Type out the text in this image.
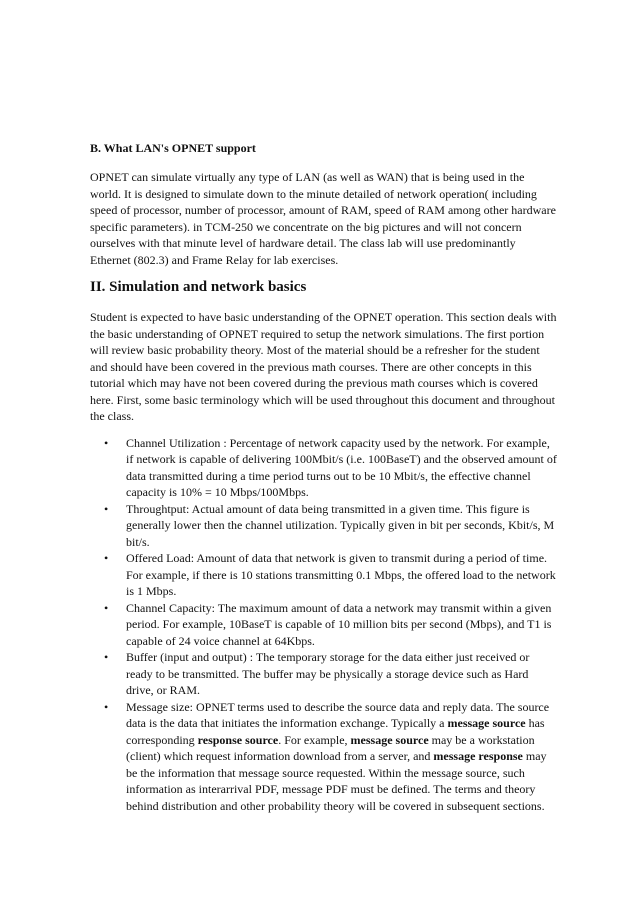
B. What LAN's OPNET support

OPNET can simulate virtually any type of LAN (as well as WAN) that is being used in the world. It is designed to simulate down to the minute detailed of network operation( including speed of processor, number of processor, amount of RAM, speed of RAM among other hardware specific parameters). in TCM-250 we concentrate on the big pictures and will not concern ourselves with that minute level of hardware detail. The class lab will use predominantly Ethernet (802.3) and Frame Relay for lab exercises.

II. Simulation and network basics

Student is expected to have basic understanding of the OPNET operation. This section deals with the basic understanding of OPNET required to setup the network simulations. The first portion will review basic probability theory. Most of the material should be a refresher for the student and should have been covered in the previous math courses. There are other concepts in this tutorial which may have not been covered during the previous math courses which is covered here. First, some basic terminology which will be used throughout this document and throughout the class.

• Channel Utilization : Percentage of network capacity used by the network. For example, if network is capable of delivering 100Mbit/s (i.e. 100BaseT) and the observed amount of data transmitted during a time period turns out to be 10 Mbit/s, the effective channel capacity is 10% = 10 Mbps/100Mbps.
• Throughtput: Actual amount of data being transmitted in a given time. This figure is generally lower then the channel utilization. Typically given in bit per seconds, Kbit/s, M bit/s.
• Offered Load: Amount of data that network is given to transmit during a period of time. For example, if there is 10 stations transmitting 0.1 Mbps, the offered load to the network is 1 Mbps.
• Channel Capacity: The maximum amount of data a network may transmit within a given period. For example, 10BaseT is capable of 10 million bits per second (Mbps), and T1 is capable of 24 voice channel at 64Kbps.
• Buffer (input and output) : The temporary storage for the data either just received or ready to be transmitted. The buffer may be physically a storage device such as Hard drive, or RAM.
• Message size: OPNET terms used to describe the source data and reply data. The source data is the data that initiates the information exchange. Typically a message source has corresponding response source. For example, message source may be a workstation (client) which request information download from a server, and message response may be the information that message source requested. Within the message source, such information as interarrival PDF, message PDF must be defined. The terms and theory behind distribution and other probability theory will be covered in subsequent sections.
